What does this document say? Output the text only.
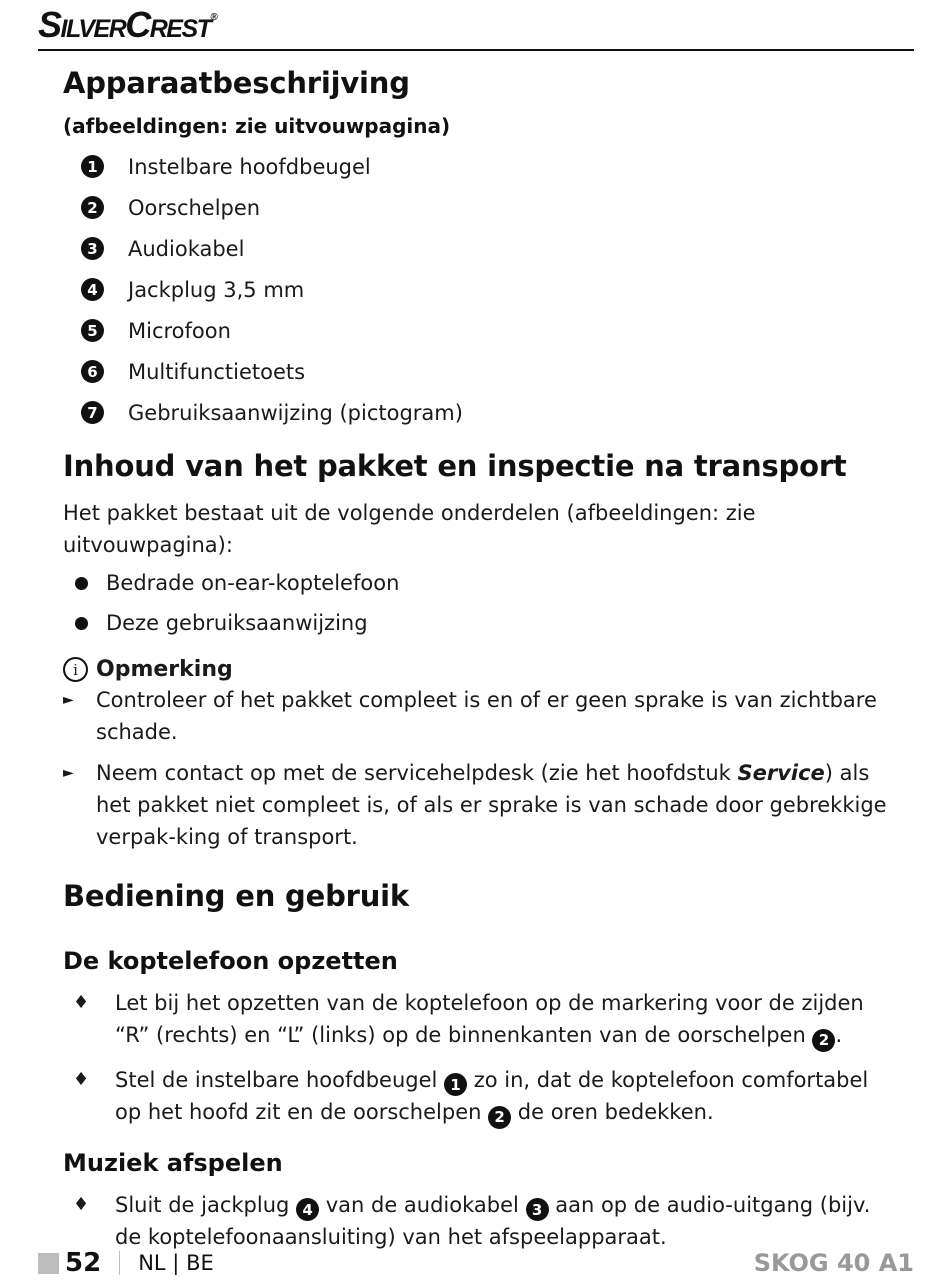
SilverCrest®
Apparaatbeschrijving
(afbeeldingen: zie uitvouwpagina)
1 Instelbare hoofdbeugel
2 Oorschelpen
3 Audiokabel
4 Jackplug 3,5 mm
5 Microfoon
6 Multifunctietoets
7 Gebruiksaanwijzing (pictogram)
Inhoud van het pakket en inspectie na transport

Het pakket bestaat uit de volgende onderdelen (afbeeldingen: zie uitvouwpagina):

Bedrade on-ear-koptelefoon
Deze gebruiksaanwijzing
i Opmerking
►	Controleer of het pakket compleet is en of er geen sprake is van zichtbare schade.
►	Neem contact op met de servicehelpdesk (zie het hoofdstuk Service) als het pakket niet compleet is, of als er sprake is van schade door gebrekkige verpak-king of transport.
Bediening en gebruik
De koptelefoon opzetten
♦	Let bij het opzetten van de koptelefoon op de markering voor de zijden “R” (rechts) en “L” (links) op de binnenkanten van de oorschelpen 2 .
♦	Stel de instelbare hoofdbeugel 1 zo in, dat de koptelefoon comfortabel op het hoofd zit en de oorschelpen 2 de oren bedekken.
Muziek afspelen
♦	Sluit de jackplug 4 van de audiokabel 3 aan op de audio-uitgang (bijv. de koptelefoonaansluiting) van het afspeelapparaat.
52 NL | BE	SKOG 40 A1
